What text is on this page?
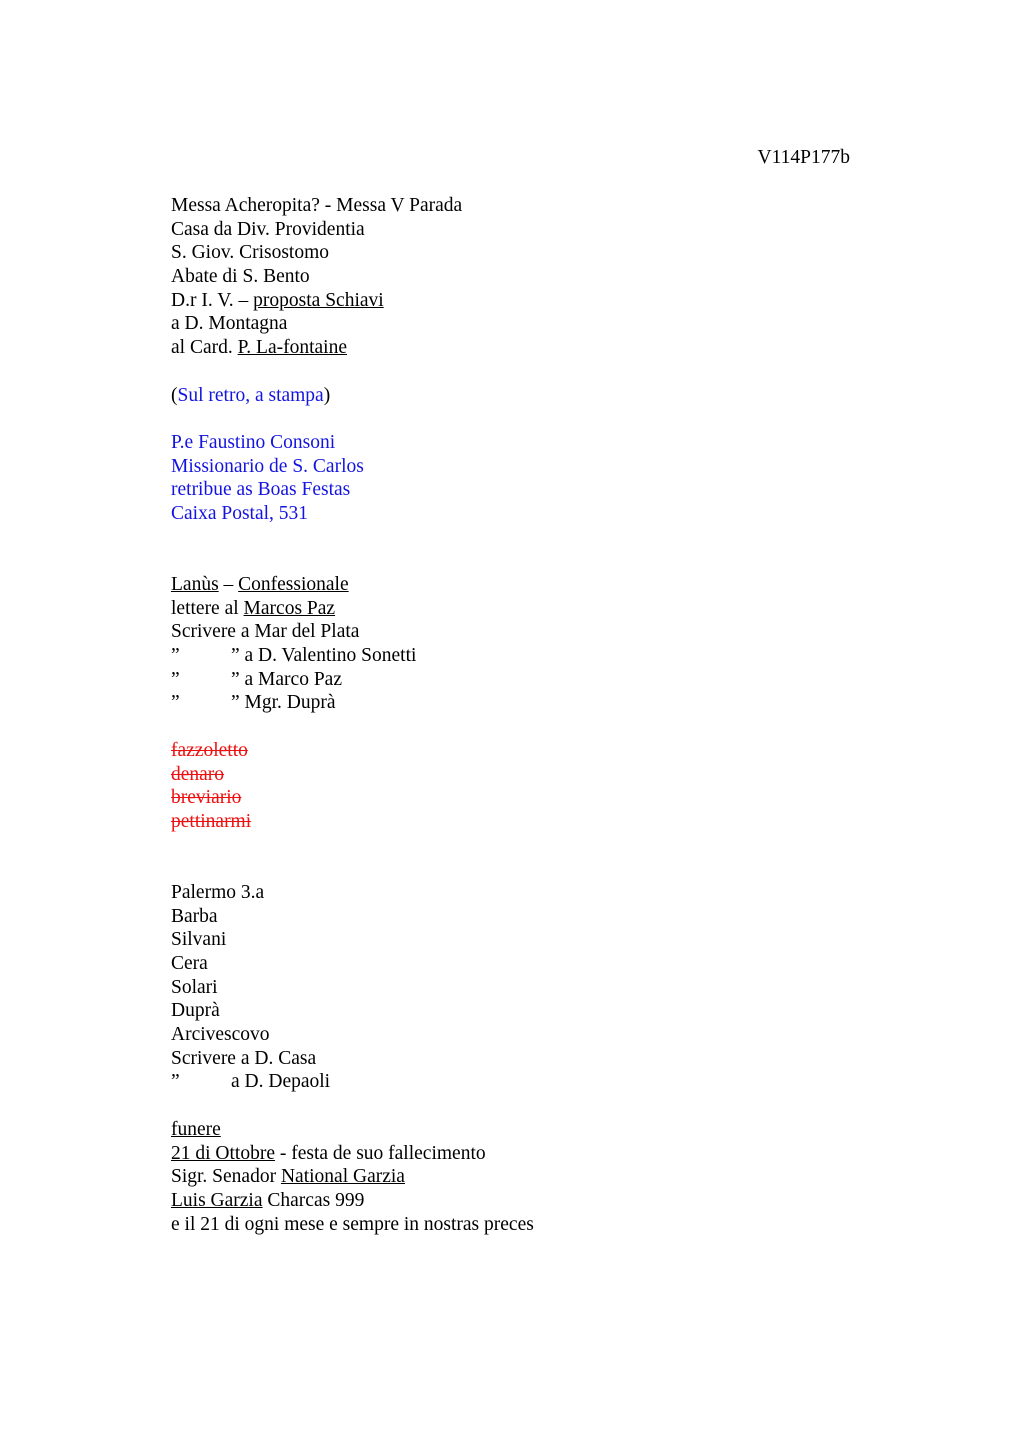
V114P177b
Messa Acheropita? - Messa V Parada
Casa da Div. Providentia
S. Giov. Crisostomo
Abate di S. Bento
D.r I. V. – proposta Schiavi
a D. Montagna
al Card. P. La-fontaine
(Sul retro, a stampa)
P.e Faustino Consoni
Missionario de S. Carlos
retribue as Boas Festas
Caixa Postal, 531
Lanùs – Confessionale
lettere al Marcos Paz
Scrivere a Mar del Plata
”	” a D. Valentino Sonetti
”	” a Marco Paz
”	” Mgr. Duprà
fazzoletto
denaro
breviario
pettinarmi
Palermo 3.a
Barba
Silvani
Cera
Solari
Duprà
Arcivescovo
Scrivere a D. Casa
”	a D. Depaoli
funere
21 di Ottobre - festa de suo fallecimento
Sigr. Senador National Garzia
Luis Garzia Charcas 999
e il 21 di ogni mese e sempre in nostras preces
